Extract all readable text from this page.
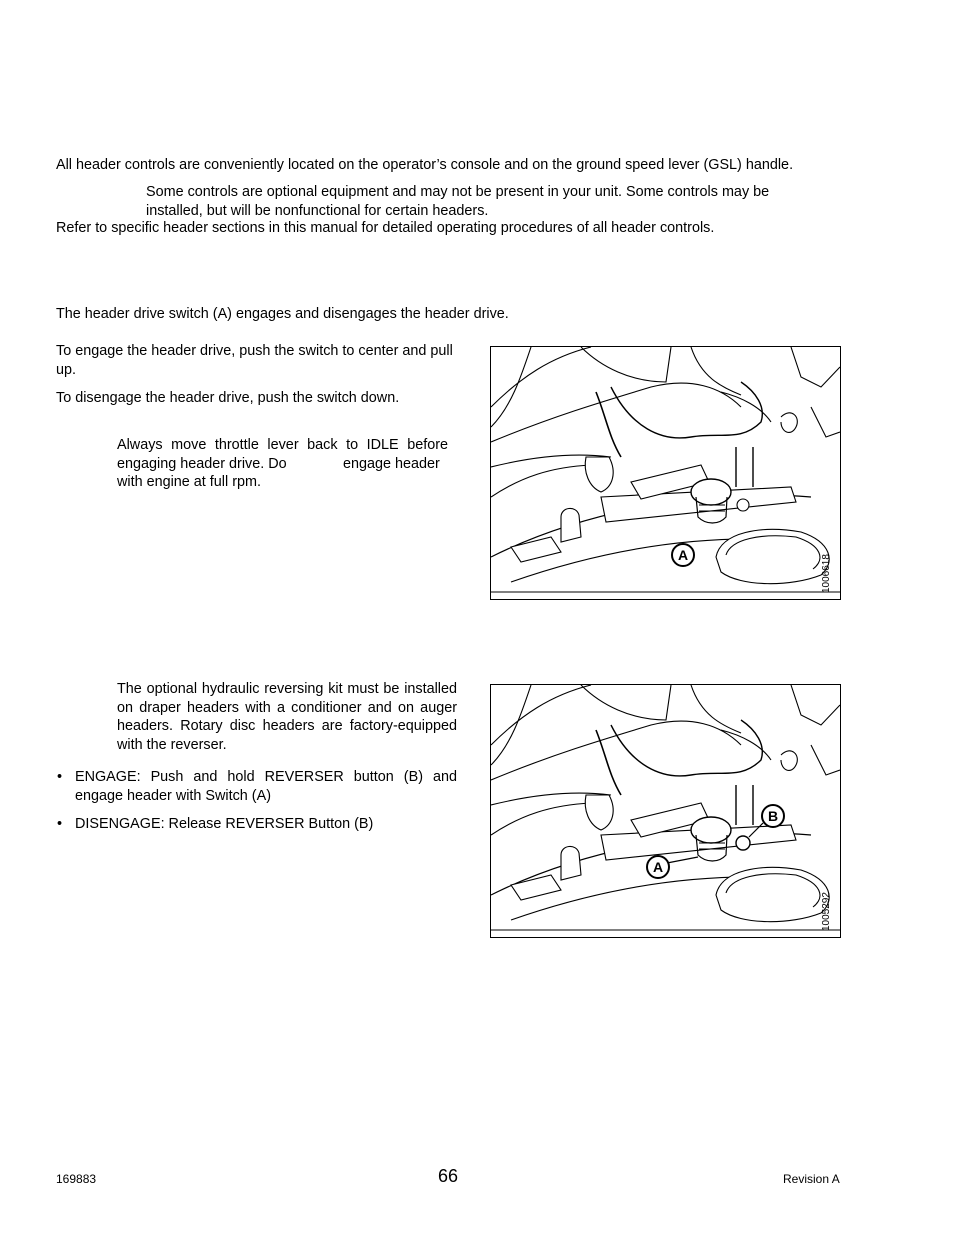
All header controls are conveniently located on the operator’s console and on the ground speed lever (GSL) handle.
Some controls are optional equipment and may not be present in your unit. Some controls may be
installed, but will be nonfunctional for certain headers.
Refer to specific header sections in this manual for detailed operating procedures of all header controls.
The header drive switch (A) engages and disengages the header drive.
To engage the header drive, push the switch to center and pull up.
To disengage the header drive, push the switch down.
Always move throttle lever back to IDLE before
engaging header drive. Do	engage header
with engine at full rpm.
A	1006618
The optional hydraulic reversing kit must be installed on draper headers with a conditioner and on auger headers. Rotary disc headers are factory-equipped with the reverser.
• ENGAGE: Push and hold REVERSER button (B) and engage header with Switch (A)
• DISENGAGE: Release REVERSER Button (B)
A
B
1005292
169883	66	Revision A
